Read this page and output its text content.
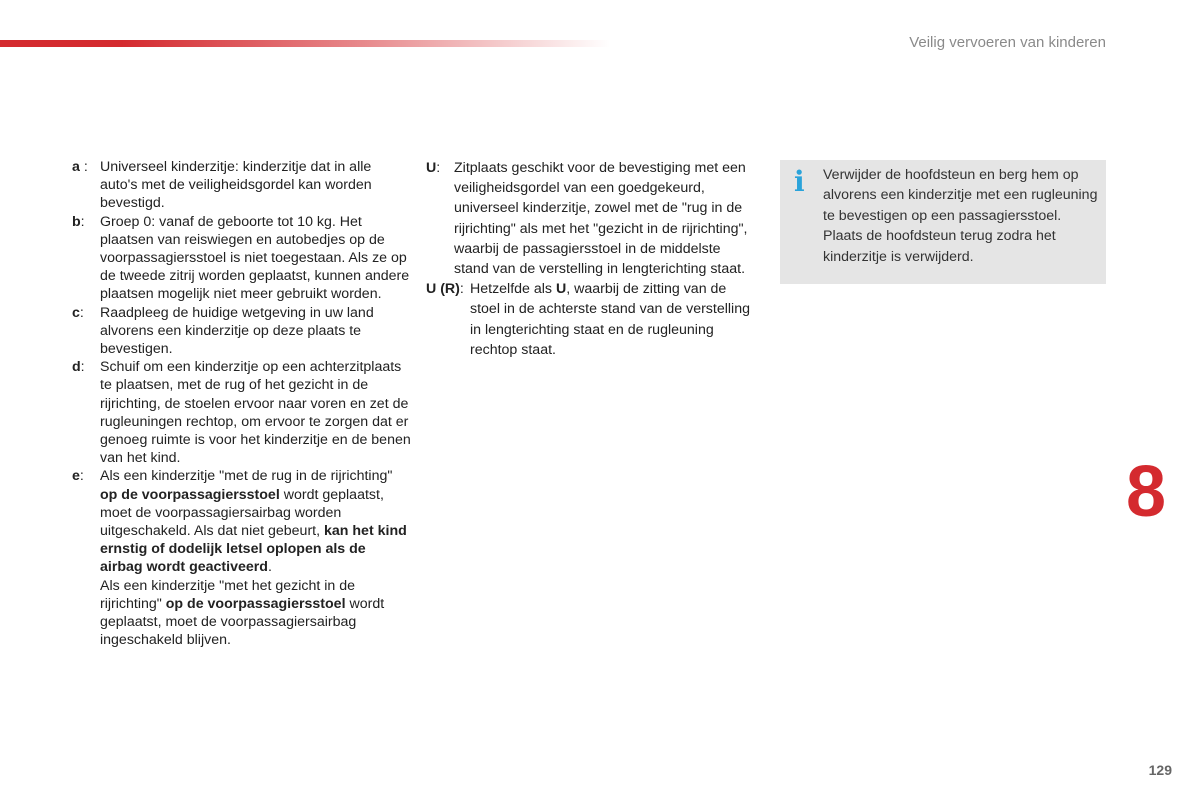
Veilig vervoeren van kinderen
a : Universeel kinderzitje: kinderzitje dat in alle auto's met de veiligheidsgordel kan worden bevestigd.
b:	Groep 0: vanaf de geboorte tot 10 kg. Het plaatsen van reiswiegen en autobedjes op de voorpassagiersstoel is niet toegestaan. Als ze op de tweede zitrij worden geplaatst, kunnen andere plaatsen mogelijk niet meer gebruikt worden.
c:	Raadpleeg de huidige wetgeving in uw land alvorens een kinderzitje op deze plaats te bevestigen.
d:	Schuif om een kinderzitje op een achterzitplaats te plaatsen, met de rug of het gezicht in de rijrichting, de stoelen ervoor naar voren en zet de rugleuningen rechtop, om ervoor te zorgen dat er genoeg ruimte is voor het kinderzitje en de benen van het kind.
e:	Als een kinderzitje "met de rug in de rijrichting" op de voorpassagiersstoel wordt geplaatst, moet de voorpassagiersairbag worden uitgeschakeld. Als dat niet gebeurt, kan het kind ernstig of dodelijk letsel oplopen als de airbag wordt geactiveerd.

Als een kinderzitje "met het gezicht in de rijrichting" op de voorpassagiersstoel wordt geplaatst, moet de voorpassagiersairbag ingeschakeld blijven.

U: Zitplaats geschikt voor de bevestiging met een veiligheidsgordel van een goedgekeurd, universeel kinderzitje, zowel met de "rug in de rijrichting" als met het "gezicht in de rijrichting", waarbij de passagiersstoel in de middelste stand van de verstelling in lengterichting staat.
U (R): Hetzelfde als U, waarbij de zitting van de stoel in de achterste stand van de verstelling in lengterichting staat en de rugleuning rechtop staat.
i Verwijder de hoofdsteun en berg hem op alvorens een kinderzitje met een rugleuning te bevestigen op een passagiersstoel. Plaats de hoofdsteun terug zodra het kinderzitje is verwijderd.
8
129
